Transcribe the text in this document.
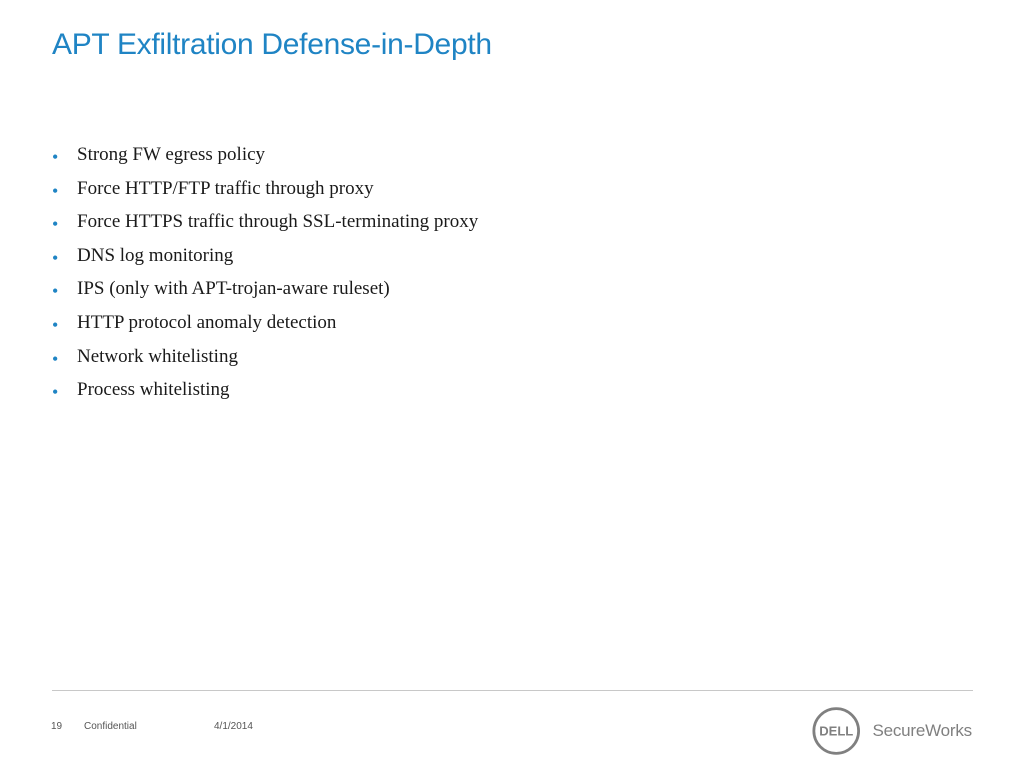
APT Exfiltration Defense-in-Depth
• Strong FW egress policy
• Force HTTP/FTP traffic through proxy
• Force HTTPS traffic through SSL-terminating proxy
• DNS log monitoring
• IPS (only with APT-trojan-aware ruleset)
• HTTP protocol anomaly detection
• Network whitelisting
• Process whitelisting
19 Confidential	4/1/2014	DELL SecureWorks
